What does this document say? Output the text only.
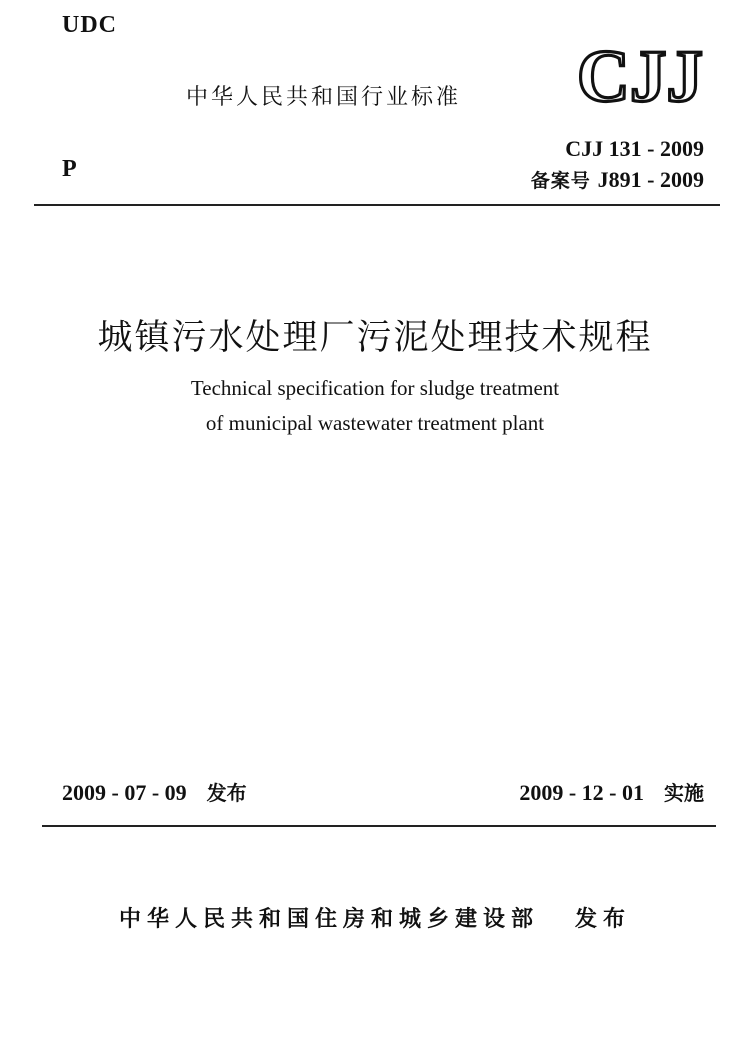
UDC
中华人民共和国行业标准 CJJ
P
CJJ 131 - 2009
备案号 J891 - 2009
城镇污水处理厂污泥处理技术规程
Technical specification for sludge treatment
of municipal wastewater treatment plant
2009 - 07 - 09 发布	2009 - 12 - 01 实施
中华人民共和国住房和城乡建设部 发布
